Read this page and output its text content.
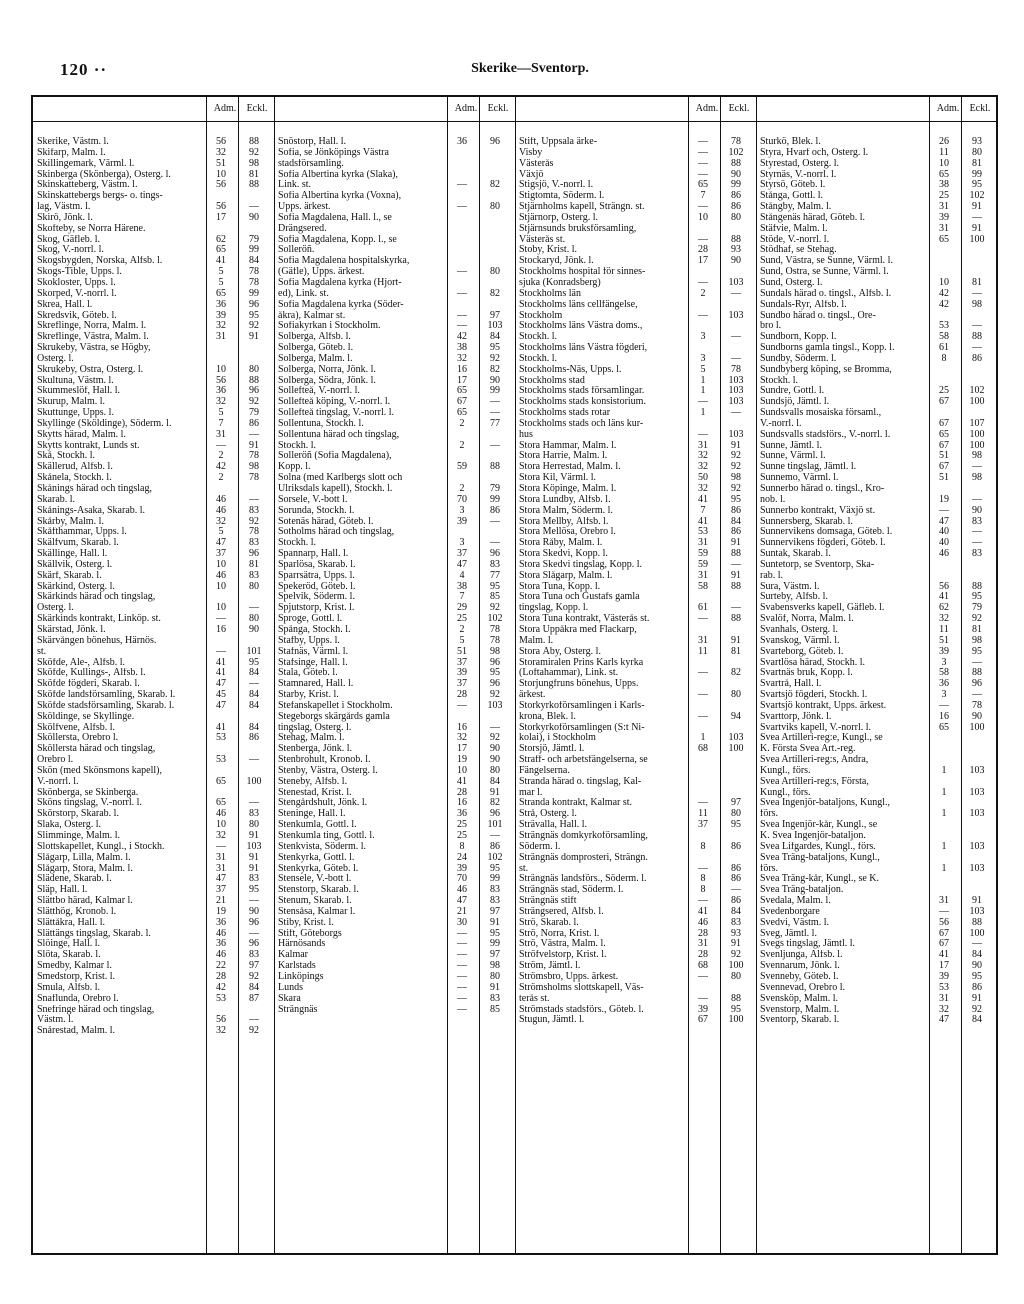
120 ··	Skerike—Sventorp.
Adm.	Eckl.
Skerike, Västm. l.	56	88
Skifarp, Malm. l.	32	92
Skillingemark, Värml. l.	51	98
Skinberga (Skönberga), Österg. l.	10	81
Skinskatteberg, Västm. l.	56	88
Skinskattebergs bergs- o. tings-
lag, Västm. l.	56	—
Skirö, Jönk. l.	17	90
Skofteby, se Norra Härene.
Skog, Gäfleb. l.	62	79
Skog, V.-norrl. l.	65	99
Skogsbygden, Norska, Älfsb. l.	41	84
Skogs-Tible, Upps. l.	5	78
Skokloster, Upps. l.	5	78
Skorped, V.-norrl. l.	65	99
Skrea, Hall. l.	36	96
Skredsvik, Göteb. l.	39	95
Skreflinge, Norra, Malm. l.	32	92
Skreflinge, Västra, Malm. l.	31	91
Skrukeby, Västra, se Högby,
Österg. l.
Skrukeby, Östra, Österg. l.	10	80
Skultuna, Västm. l.	56	88
Skummeslöf, Hall. l.	36	96
Skurup, Malm. l.	32	92
Skuttunge, Upps. l.	5	79
Skyllinge (Sköldinge), Söderm. l.	7	86
Skytts härad, Malm. l.	31	—
Skytts kontrakt, Lunds st.	—	91
Skå, Stockh. l.	2	78
Skällerud, Älfsb. l.	42	98
Skånela, Stockh. l.	2	78
Skånings härad och tingslag,
Skarab. l.	46	—
Skånings-Åsaka, Skarab. l.	46	83
Skårby, Malm. l.	32	92
Skåfthammar, Upps. l.	5	78
Skälfvum, Skarab. l.	47	83
Skällinge, Hall. l.	37	96
Skällvik, Österg. l.	10	81
Skärf, Skarab. l.	46	83
Skärkind, Österg. l.	10	80
Skärkinds härad och tingslag,
Österg. l.	10	—
Skärkinds kontrakt, Linköp. st.	—	80
Skärstad, Jönk. l.	16	90
Skärvången bönehus, Härnös.
st.	—	101
Sköfde, Ale-, Älfsb. l.	41	95
Sköfde, Kullings-, Älfsb. l.	41	84
Sköfde fögderi, Skarab. l.	47	—
Sköfde landsförsamling, Skarab. l.	45	84
Sköfde stadsförsamling, Skarab. l.	47	84
Sköldinge, se Skyllinge.
Skölfvene, Älfsb. l.	41	84
Sköllersta, Örebro l.	53	86
Sköllersta härad och tingslag,
Örebro l.	53	—
Skön (med Skönsmons kapell),
V.-norrl. l.	65	100
Skönberga, se Skinberga.
Sköns tingslag, V.-norrl. l.	65	—
Skörstorp, Skarab. l.	46	83
Slaka, Österg. l.	10	80
Slimminge, Malm. l.	32	91
Slottskapellet, Kungl., i Stockh.	—	103
Slågarp, Lilla, Malm. l.	31	91
Slågarp, Stora, Malm. l.	31	91
Slädene, Skarab. l.	47	83
Släp, Hall. l.	37	95
Slättbo härad, Kalmar l.	21	—
Slätthög, Kronob. l.	19	90
Slättåkra, Hall. l.	36	96
Slättängs tingslag, Skarab. l.	46	—
Slöinge, Hall. l.	36	96
Slöta, Skarab. l.	46	83
Smedby, Kalmar l.	22	97
Smedstorp, Krist. l.	28	92
Smula, Älfsb. l.	42	84
Snaflunda, Örebro l.	53	87
Snefringe härad och tingslag,
Västm. l.	56	—
Snårestad, Malm. l.	32	92
Adm.	Eckl.
Snöstorp, Hall. l.	36	96
Sofia, se Jönköpings Västra
stadsförsamling.
Sofia Albertina kyrka (Slaka),
Link. st.	—	82
Sofia Albertina kyrka (Voxna),
Upps. ärkest.	—	80
Sofia Magdalena, Hall. l., se
Drängsered.
Sofia Magdalena, Kopp. l., se
Solleröñ.
Sofia Magdalena hospitalskyrka,
(Gäfle), Upps. ärkest.	—	80
Sofia Magdalena kyrka (Hjort-
ed), Link. st.	—	82
Sofia Magdalena kyrka (Söder-
åkra), Kalmar st.	—	97
Sofiakyrkan i Stockholm.	—	103
Solberga, Älfsb. l.	42	84
Solberga, Göteb. l.	38	95
Solberga, Malm. l.	32	92
Solberga, Norra, Jönk. l.	16	82
Solberga, Södra, Jönk. l.	17	90
Sollefteå, V.-norrl. l.	65	99
Sollefteå köping, V.-norrl. l.	67	—
Sollefteå tingslag, V.-norrl. l.	65	—
Sollentuna, Stockh. l.	2	77
Sollentuna härad och tingslag,
Stockh. l.	2	—
Solleröñ (Sofia Magdalena),
Kopp. l.	59	88
Solna (med Karlbergs slott och
Ulriksdals kapell), Stockh. l.	2	79
Sorsele, V.-bott l.	70	99
Sorunda, Stockh. l.	3	86
Sotenäs härad, Göteb. l.	39	—
Sotholms härad och tingslag,
Stockh. l.	3	—
Spannarp, Hall. l.	37	96
Sparlösa, Skarab. l.	47	83
Sparrsätra, Upps. l.	4	77
Spekeröd, Göteb. l.	38	95
Spelvik, Söderm. l.	7	85
Spjutstorp, Krist. l.	29	92
Sproge, Gottl. l.	25	102
Spånga, Stockh. l.	2	78
Stafby, Upps. l.	5	78
Stafnäs, Värml. l.	51	98
Stafsinge, Hall. l.	37	96
Stala, Göteb. l.	39	95
Stamnared, Hall. l.	37	96
Starby, Krist. l.	28	92
Stefanskapellet i Stockholm.	—	103
Stegeborgs skärgårds gamla
tingslag, Österg. l.	16	—
Stehag, Malm. l.	32	92
Stenberga, Jönk. l.	17	90
Stenbrohult, Kronob. l.	19	90
Stenby, Västra, Österg. l.	10	80
Steneby, Älfsb. l.	41	84
Stenestad, Krist. l.	28	91
Stengårdshult, Jönk. l.	16	82
Steninge, Hall. l.	36	96
Stenkumla, Gottl. l.	25	101
Stenkumla ting, Gottl. l.	25	—
Stenkvista, Söderm. l.	8	86
Stenkyrka, Gottl. l.	24	102
Stenkyrka, Göteb. l.	39	95
Stensele, V.-bott l.	70	99
Stenstorp, Skarab. l.	46	83
Stenum, Skarab. l.	47	83
Stensåsa, Kalmar l.	21	97
Stiby, Krist. l.	30	91
Stift, Göteborgs	—	95
Härnösands	—	99
Kalmar	—	97
Karlstads	—	98
Linköpings	—	80
Lunds	—	91
Skara	—	83
Strängnäs	—	85
Adm.	Eckl.
Stift, Uppsala ärke-	—	78
Visby	—	102
Västerås	—	88
Växjö	—	90
Stigsjö, V.-norrl. l.	65	99
Stigtomta, Söderm. l.	7	86
Stjärnholms kapell, Strängn. st.	—	86
Stjärnorp, Österg. l.	10	80
Stjärnsunds bruksförsamling,
Västerås st.	—	88
Stoby, Krist. l.	28	93
Stockaryd, Jönk. l.	17	90
Stockholms hospital för sinnes-
sjuka (Konradsberg)	—	103
Stockholms län	2	—
Stockholms läns cellfängelse,
Stockholm	—	103
Stockholms läns Västra doms.,
Stockh. l.	3	—
Stockholms läns Västra fögderi,
Stockh. l.	3	—
Stockholms-Näs, Upps. l.	5	78
Stockholms stad	1	103
Stockholms stads församlingar.	1	103
Stockholms stads konsistorium.	—	103
Stockholms stads rotar	1	—
Stockholms stads och läns kur-
hus	—	103
Stora Hammar, Malm. l.	31	91
Stora Harrie, Malm. l.	32	92
Stora Herrestad, Malm. l.	32	92
Stora Kil, Värml. l.	50	98
Stora Köpinge, Malm. l.	32	92
Stora Lundby, Älfsb. l.	41	95
Stora Malm, Söderm. l.	7	86
Stora Mellby, Älfsb. l.	41	84
Stora Mellösa, Örebro l.	53	86
Stora Råby, Malm. l.	31	91
Stora Skedvi, Kopp. l.	59	88
Stora Skedvi tingslag, Kopp. l.	59	—
Stora Slågarp, Malm. l.	31	91
Stora Tuna, Kopp. l.	58	88
Stora Tuna och Gustafs gamla
tingslag, Kopp. l.	61	—
Stora Tuna kontrakt, Västerås st.	—	88
Stora Uppåkra med Flackarp,
Malm. l.	31	91
Stora Åby, Österg. l.	11	81
Storamiralen Prins Karls kyrka
(Loftahammar), Link. st.	—	82
Storjungfruns bönehus, Upps.
ärkest.	—	80
Storkyrkoförsamlingen i Karls-
krona, Blek. l.	—	94
Storkyrkoförsamlingen (S:t Ni-
kolai), i Stockholm	1	103
Storsjö, Jämtl. l.	68	100
Straff- och arbetsfängelserna, se
Fängelserna.
Stranda härad o. tingslag, Kal-
mar l.
Stranda kontrakt, Kalmar st.	—	97
Strå, Österg. l.	11	80
Strävalla, Hall. l.	37	95
Strängnäs domkyrkoförsamling,
Söderm. l.	8	86
Strängnäs domprosteri, Strängn.
st.	—	86
Strängnäs landsförs., Söderm. l.	8	86
Strängnäs stad, Söderm. l.	8	—
Strängnäs stift	—	86
Strängsered, Älfsb. l.	41	84
Strö, Skarab. l.	46	83
Strö, Norra, Krist. l.	28	93
Strö, Västra, Malm. l.	31	91
Ströfvelstorp, Krist. l.	28	92
Ström, Jämtl. l.	68	100
Strömsbro, Upps. ärkest.	—	80
Strömsholms slottskapell, Väs-
terås st.	—	88
Strömstads stadsförs., Göteb. l.	39	95
Stugun, Jämtl. l.	67	100
Adm.	Eckl.
Sturkö, Blek. l.	26	93
Styra, Hvarf och, Österg. l.	11	80
Styrestad, Österg. l.	10	81
Styrnäs, V.-norrl. l.	65	99
Styrsö, Göteb. l.	38	95
Stånga, Gottl. l.	25	102
Stångby, Malm. l.	31	91
Stångenäs härad, Göteb. l.	39	—
Stäfvie, Malm. l.	31	91
Stöde, V.-norrl. l.	65	100
Stödhaf, se Stehag.
Sund, Västra, se Sunne, Värml. l.
Sund, Östra, se Sunne, Värml. l.
Sund, Österg. l.	10	81
Sundals härad o. tingsl., Älfsb. l.	42	—
Sundals-Ryr, Älfsb. l.	42	98
Sundbo härad o. tingsl., Öre-
bro l.	53	—
Sundborn, Kopp. l.	58	88
Sundborns gamla tingsl., Kopp. l.	61	—
Sundby, Söderm. l.	8	86
Sundbyberg köping, se Bromma,
Stockh. l.
Sundre, Gottl. l.	25	102
Sundsjö, Jämtl. l.	67	100
Sundsvalls mosaiska församl.,
V.-norrl. l.	67	107
Sundsvalls stadsförs., V.-norrl. l.	65	100
Sunne, Jämtl. l.	67	100
Sunne, Värml. l.	51	98
Sunne tingslag, Jämtl. l.	67	—
Sunnemo, Värml. l.	51	98
Sunnerbo härad o. tingsl., Kro-
nob. l.	19	—
Sunnerbo kontrakt, Växjö st.	—	90
Sunnersberg, Skarab. l.	47	83
Sunnervikens domsaga, Göteb. l.	40	—
Sunnervikens fögderi, Göteb. l.	40	—
Suntak, Skarab. l.	46	83
Suntetorp, se Sventorp, Ska-
rab. l.
Sura, Västm. l.	56	88
Surteby, Älfsb. l.	41	95
Svabensverks kapell, Gäfleb. l.	62	79
Svalöf, Norra, Malm. l.	32	92
Svanhals, Österg. l.	11	81
Svanskog, Värml. l.	51	98
Svarteborg, Göteb. l.	39	95
Svartlösa härad, Stockh. l.	3	—
Svartnäs bruk, Kopp. l.	58	88
Svartrå, Hall. l.	36	96
Svartsjö fögderi, Stockh. l.	3	—
Svartsjö kontrakt, Upps. ärkest.	—	78
Svarttorp, Jönk. l.	16	90
Svartviks kapell, V.-norrl. l.	65	100
Svea Artilleri-reg:e, Kungl., se
K. Första Svea Art.-reg.
Svea Artilleri-reg:s, Andra,
Kungl., förs.	1	103
Svea Artilleri-reg:s, Första,
Kungl., förs.	1	103
Svea Ingenjör-bataljons, Kungl.,
förs.	1	103
Svea Ingenjör-kår, Kungl., se
K. Svea Ingenjör-bataljon.
Svea Lifgardes, Kungl., förs.	1	103
Svea Träng-bataljons, Kungl.,
förs.	1	103
Svea Träng-kår, Kungl., se K.
Svea Träng-bataljon.
Svedala, Malm. l.	31	91
Svedenborgare	—	103
Svedvi, Västm. l.	56	88
Sveg, Jämtl. l.	67	100
Svegs tingslag, Jämtl. l.	67	—
Svenljunga, Älfsb. l.	41	84
Svennarum, Jönk. l.	17	90
Svenneby, Göteb. l.	39	95
Svennevad, Örebro l.	53	86
Svensköp, Malm. l.	31	91
Svenstorp, Malm. l.	32	92
Sventorp, Skarab. l.	47	84
